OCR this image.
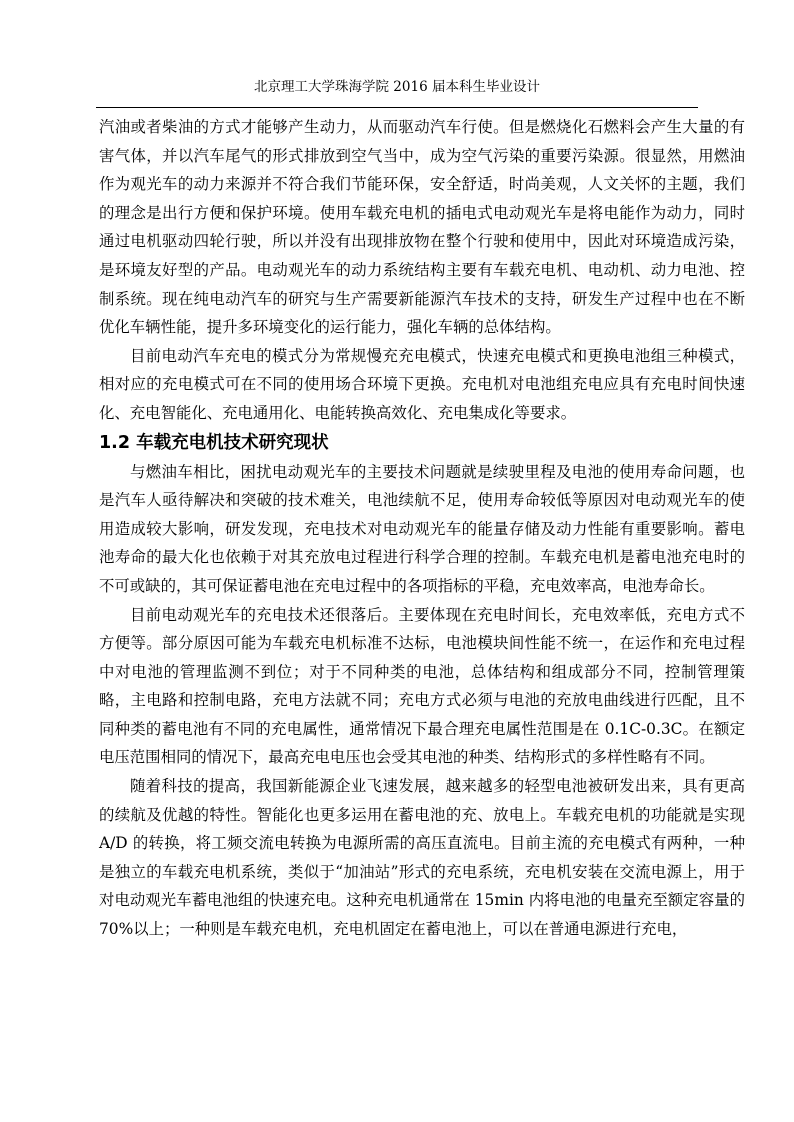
北京理工大学珠海学院 2016 届本科生毕业设计

汽油或者柴油的方式才能够产生动力，从而驱动汽车行使。但是燃烧化石燃料会产生大量的有害气体，并以汽车尾气的形式排放到空气当中，成为空气污染的重要污染源。很显然，用燃油作为观光车的动力来源并不符合我们节能环保，安全舒适，时尚美观，人文关怀的主题，我们的理念是出行方便和保护环境。使用车载充电机的插电式电动观光车是将电能作为动力，同时通过电机驱动四轮行驶，所以并没有出现排放物在整个行驶和使用中，因此对环境造成污染，是环境友好型的产品。电动观光车的动力系统结构主要有车载充电机、电动机、动力电池、控制系统。现在纯电动汽车的研究与生产需要新能源汽车技术的支持，研发生产过程中也在不断优化车辆性能，提升多环境变化的运行能力，强化车辆的总体结构。

目前电动汽车充电的模式分为常规慢充充电模式，快速充电模式和更换电池组三种模式，相对应的充电模式可在不同的使用场合环境下更换。充电机对电池组充电应具有充电时间快速化、充电智能化、充电通用化、电能转换高效化、充电集成化等要求。

1.2 车载充电机技术研究现状

与燃油车相比，困扰电动观光车的主要技术问题就是续驶里程及电池的使用寿命问题，也是汽车人亟待解决和突破的技术难关，电池续航不足，使用寿命较低等原因对电动观光车的使用造成较大影响，研发发现，充电技术对电动观光车的能量存储及动力性能有重要影响。蓄电池寿命的最大化也依赖于对其充放电过程进行科学合理的控制。车载充电机是蓄电池充电时的不可或缺的，其可保证蓄电池在充电过程中的各项指标的平稳，充电效率高，电池寿命长。

目前电动观光车的充电技术还很落后。主要体现在充电时间长，充电效率低，充电方式不方便等。部分原因可能为车载充电机标准不达标，电池模块间性能不统一，在运作和充电过程中对电池的管理监测不到位；对于不同种类的电池，总体结构和组成部分不同，控制管理策略，主电路和控制电路，充电方法就不同；充电方式必须与电池的充放电曲线进行匹配，且不同种类的蓄电池有不同的充电属性，通常情况下最合理充电属性范围是在 0.1C-0.3C。在额定电压范围相同的情况下，最高充电电压也会受其电池的种类、结构形式的多样性略有不同。

随着科技的提高，我国新能源企业飞速发展，越来越多的轻型电池被研发出来，具有更高的续航及优越的特性。智能化也更多运用在蓄电池的充、放电上。车载充电机的功能就是实现 A/D 的转换，将工频交流电转换为电源所需的高压直流电。目前主流的充电模式有两种，一种是独立的车载充电机系统，类似于“加油站”形式的充电系统，充电机安装在交流电源上，用于对电动观光车蓄电池组的快速充电。这种充电机通常在 15min 内将电池的电量充至额定容量的 70%以上；一种则是车载充电机，充电机固定在蓄电池上，可以在普通电源进行充电，
